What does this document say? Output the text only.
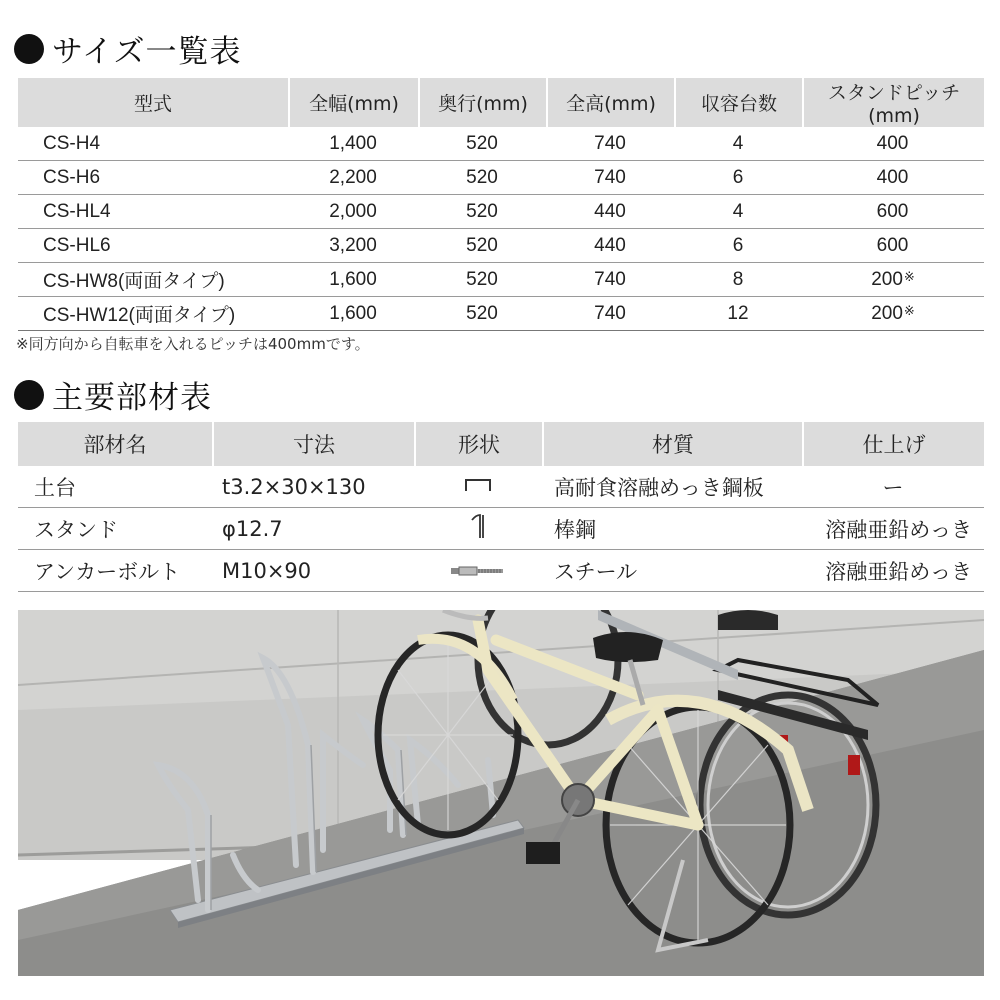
サイズ一覧表
型式	全幅(mm)	奥行(mm)	全高(mm)	収容台数	スタンドピッチ(mm)
CS-H4	1,400	520	740	4	400
CS-H6	2,200	520	740	6	400
CS-HL4	2,000	520	440	4	600
CS-HL6	3,200	520	440	6	600
CS-HW8(両面タイプ)	1,600	520	740	8	200※
CS-HW12(両面タイプ)	1,600	520	740	12	200※
※同方向から自転車を入れるピッチは400mmです。
主要部材表
部材名	寸法	形状	材質	仕上げ
土台	t3.2×30×130		高耐食溶融めっき鋼板	ー
スタンド	φ12.7		棒鋼	溶融亜鉛めっき
アンカーボルト	M10×90		スチール	溶融亜鉛めっき
